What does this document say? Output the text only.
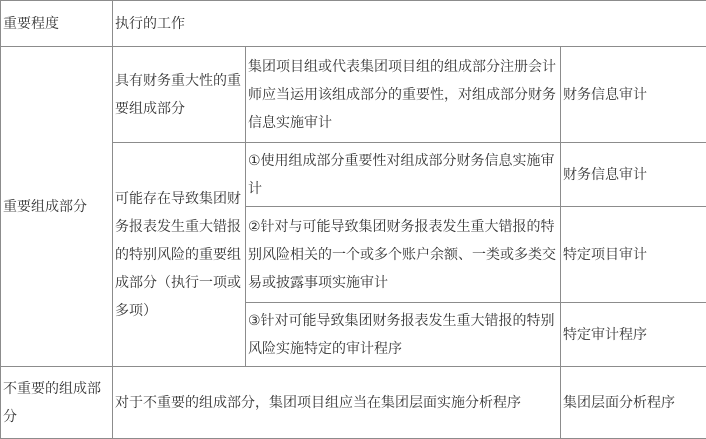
重要程度	执行的工作		
重要组成部分	具有财务重大性的重要组成部分	集团项目组或代表集团项目组的组成部分注册会计师应当运用该组成部分的重要性，对组成部分财务信息实施审计	财务信息审计
	可能存在导致集团财务报表发生重大错报的特别风险的重要组成部分（执行一项或多项）	①使用组成部分重要性对组成部分财务信息实施审计	财务信息审计
		②针对与可能导致集团财务报表发生重大错报的特别风险相关的一个或多个账户余额、一类或多类交易或披露事项实施审计	特定项目审计
		③针对可能导致集团财务报表发生重大错报的特别风险实施特定的审计程序	特定审计程序
不重要的组成部分	对于不重要的组成部分，集团项目组应当在集团层面实施分析程序		集团层面分析程序
